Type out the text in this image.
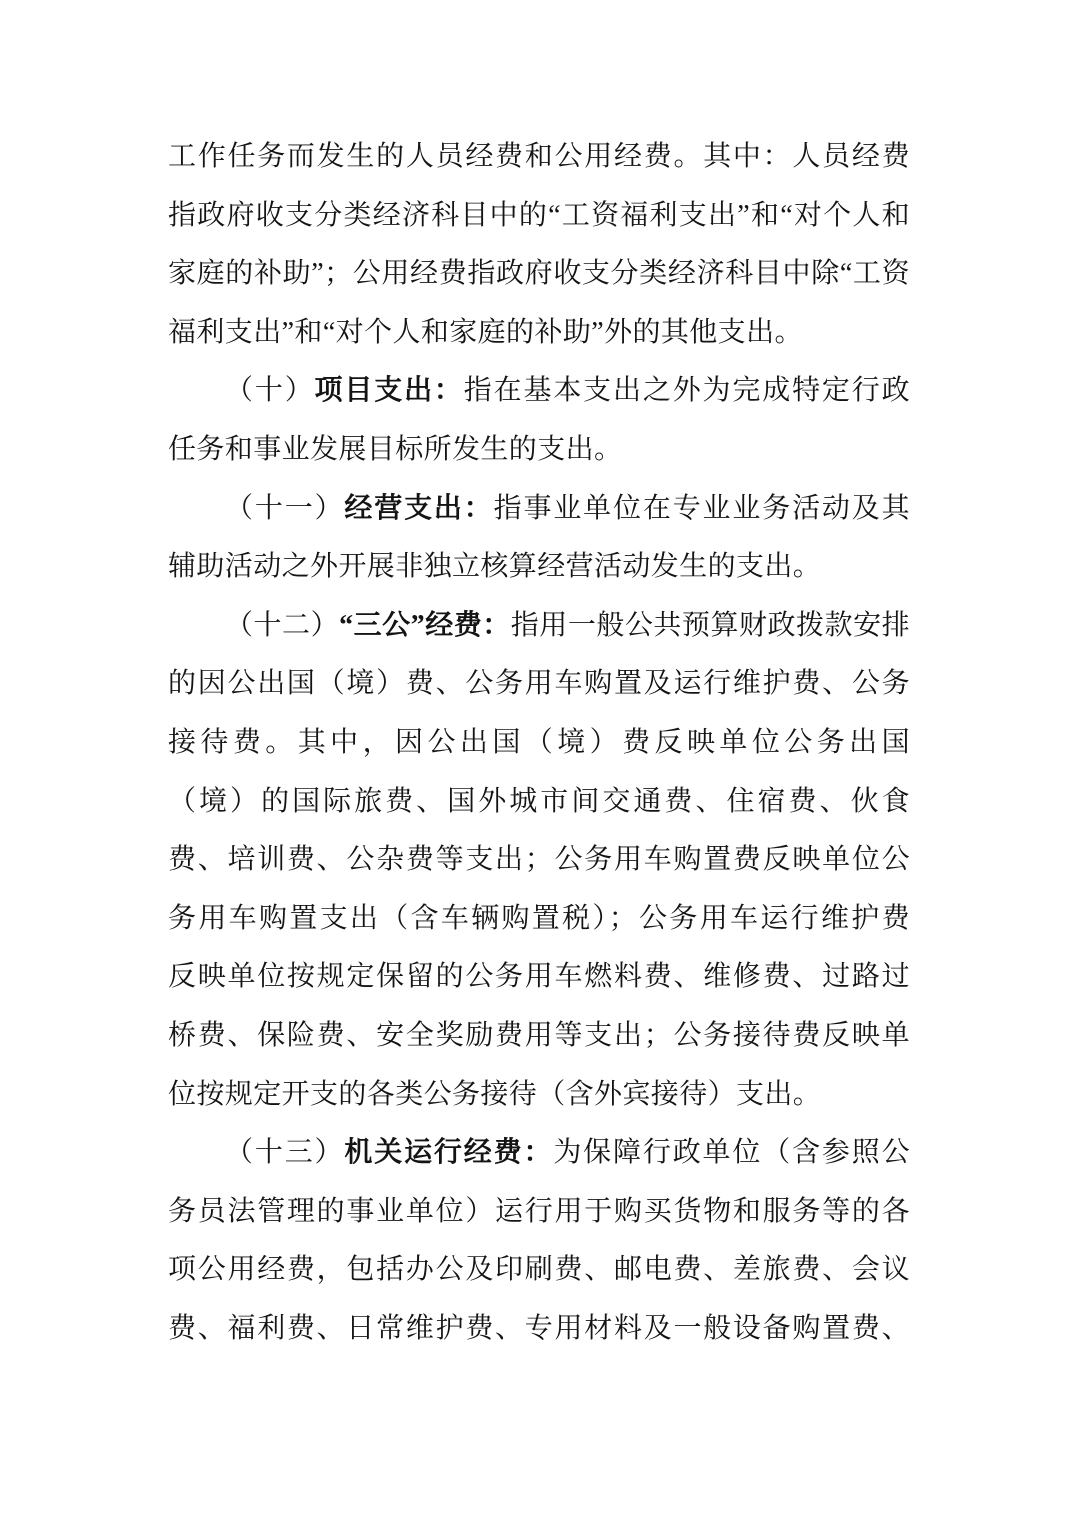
工作任务而发生的人员经费和公用经费。其中：人员经费
指政府收支分类经济科目中的“工资福利支出”和“对个人和
家庭的补助”；公用经费指政府收支分类经济科目中除“工资
福利支出”和“对个人和家庭的补助”外的其他支出。
（十）项目支出：指在基本支出之外为完成特定行政
任务和事业发展目标所发生的支出。
（十一）经营支出：指事业单位在专业业务活动及其
辅助活动之外开展非独立核算经营活动发生的支出。
（十二）“三公”经费：指用一般公共预算财政拨款安排
的因公出国（境）费、公务用车购置及运行维护费、公务
接待费。其中，因公出国（境）费反映单位公务出国
（境）的国际旅费、国外城市间交通费、住宿费、伙食
费、培训费、公杂费等支出；公务用车购置费反映单位公
务用车购置支出（含车辆购置税）；公务用车运行维护费
反映单位按规定保留的公务用车燃料费、维修费、过路过
桥费、保险费、安全奖励费用等支出；公务接待费反映单
位按规定开支的各类公务接待（含外宾接待）支出。
（十三）机关运行经费：为保障行政单位（含参照公
务员法管理的事业单位）运行用于购买货物和服务等的各
项公用经费，包括办公及印刷费、邮电费、差旅费、会议
费、福利费、日常维护费、专用材料及一般设备购置费、
